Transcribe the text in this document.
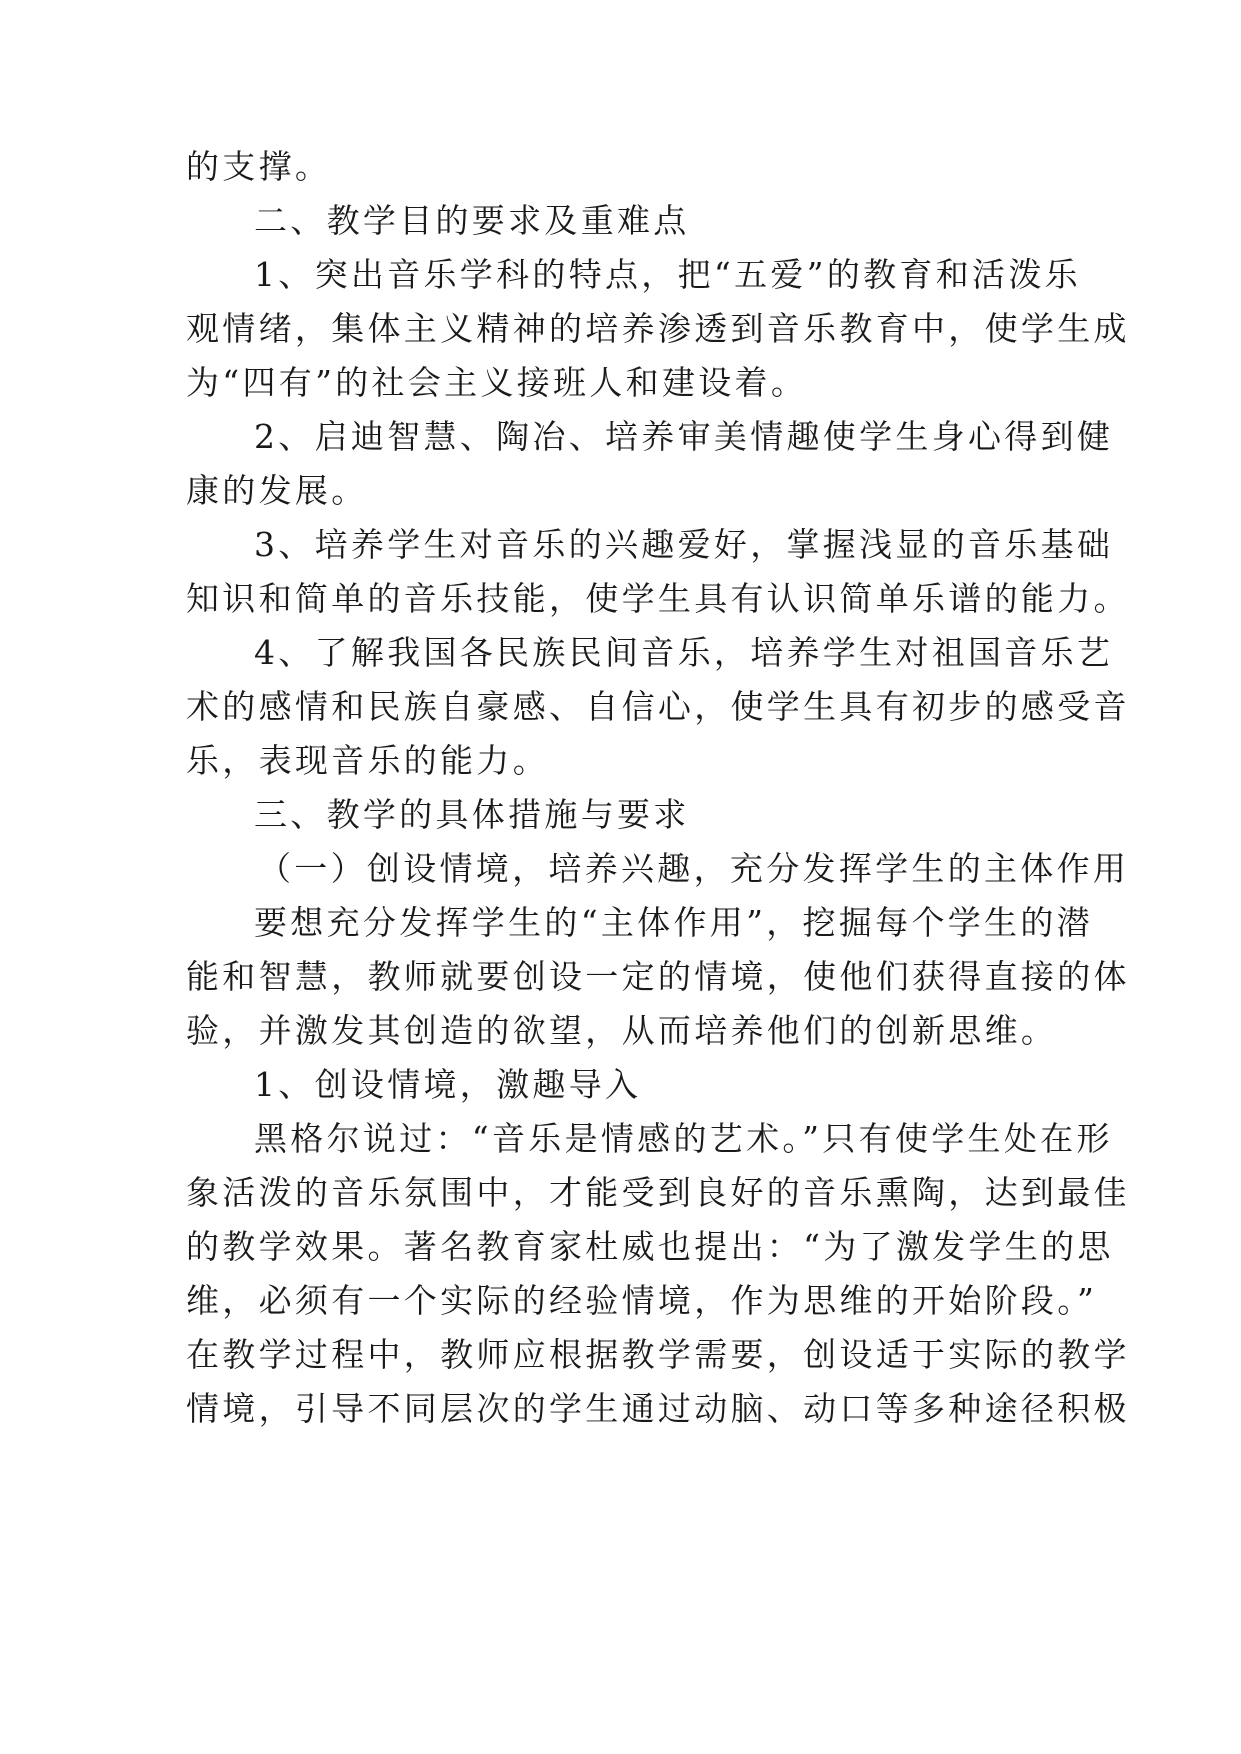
的支撑。
二、教学目的要求及重难点
1、突出音乐学科的特点，把“五爱”的教育和活泼乐
观情绪，集体主义精神的培养渗透到音乐教育中，使学生成
为“四有”的社会主义接班人和建设着。
2、启迪智慧、陶冶、培养审美情趣使学生身心得到健
康的发展。
3、培养学生对音乐的兴趣爱好，掌握浅显的音乐基础
知识和简单的音乐技能，使学生具有认识简单乐谱的能力。
4、了解我国各民族民间音乐，培养学生对祖国音乐艺
术的感情和民族自豪感、自信心，使学生具有初步的感受音
乐，表现音乐的能力。
三、教学的具体措施与要求
（一）创设情境，培养兴趣，充分发挥学生的主体作用
要想充分发挥学生的“主体作用”，挖掘每个学生的潜
能和智慧，教师就要创设一定的情境，使他们获得直接的体
验，并激发其创造的欲望，从而培养他们的创新思维。
1、创设情境，激趣导入
黑格尔说过：“音乐是情感的艺术。”只有使学生处在形
象活泼的音乐氛围中，才能受到良好的音乐熏陶，达到最佳
的教学效果。著名教育家杜威也提出：“为了激发学生的思
维，必须有一个实际的经验情境，作为思维的开始阶段。”
在教学过程中，教师应根据教学需要，创设适于实际的教学
情境，引导不同层次的学生通过动脑、动口等多种途径积极
